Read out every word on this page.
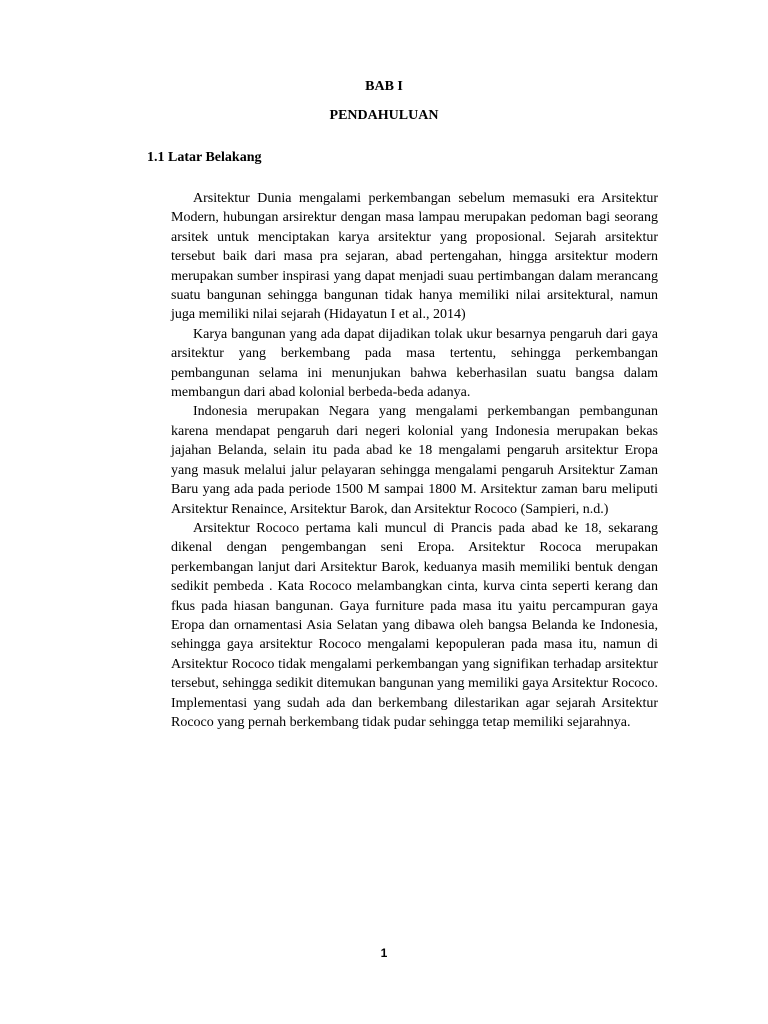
BAB I
PENDAHULUAN
1.1 Latar Belakang

Arsitektur Dunia mengalami perkembangan sebelum memasuki era Arsitektur Modern, hubungan arsirektur dengan masa lampau merupakan pedoman bagi seorang arsitek untuk menciptakan karya arsitektur yang proposional. Sejarah arsitektur tersebut baik dari masa pra sejaran, abad pertengahan, hingga arsitektur modern merupakan sumber inspirasi yang dapat menjadi suau pertimbangan dalam merancang suatu bangunan sehingga bangunan tidak hanya memiliki nilai arsitektural, namun juga memiliki nilai sejarah (Hidayatun I et al., 2014)

Karya bangunan yang ada dapat dijadikan tolak ukur besarnya pengaruh dari gaya arsitektur yang berkembang pada masa tertentu, sehingga perkembangan pembangunan selama ini menunjukan bahwa keberhasilan suatu bangsa dalam membangun dari abad kolonial berbeda-beda adanya.

Indonesia merupakan Negara yang mengalami perkembangan pembangunan karena mendapat pengaruh dari negeri kolonial yang Indonesia merupakan bekas jajahan Belanda, selain itu pada abad ke 18 mengalami pengaruh arsitektur Eropa yang masuk melalui jalur pelayaran sehingga mengalami pengaruh Arsitektur Zaman Baru yang ada pada periode 1500 M sampai 1800 M. Arsitektur zaman baru meliputi Arsitektur Renaince, Arsitektur Barok, dan Arsitektur Rococo (Sampieri, n.d.)

Arsitektur Rococo pertama kali muncul di Prancis pada abad ke 18, sekarang dikenal dengan pengembangan seni Eropa. Arsitektur Rococa merupakan perkembangan lanjut dari Arsitektur Barok, keduanya masih memiliki bentuk dengan sedikit pembeda . Kata Rococo melambangkan cinta, kurva cinta seperti kerang dan fkus pada hiasan bangunan. Gaya furniture pada masa itu yaitu percampuran gaya Eropa dan ornamentasi Asia Selatan yang dibawa oleh bangsa Belanda ke Indonesia, sehingga gaya arsitektur Rococo mengalami kepopuleran pada masa itu, namun di Arsitektur Rococo tidak mengalami perkembangan yang signifikan terhadap arsitektur tersebut, sehingga sedikit ditemukan bangunan yang memiliki gaya Arsitektur Rococo. Implementasi yang sudah ada dan berkembang dilestarikan agar sejarah Arsitektur Rococo yang pernah berkembang tidak pudar sehingga tetap memiliki sejarahnya.

1
